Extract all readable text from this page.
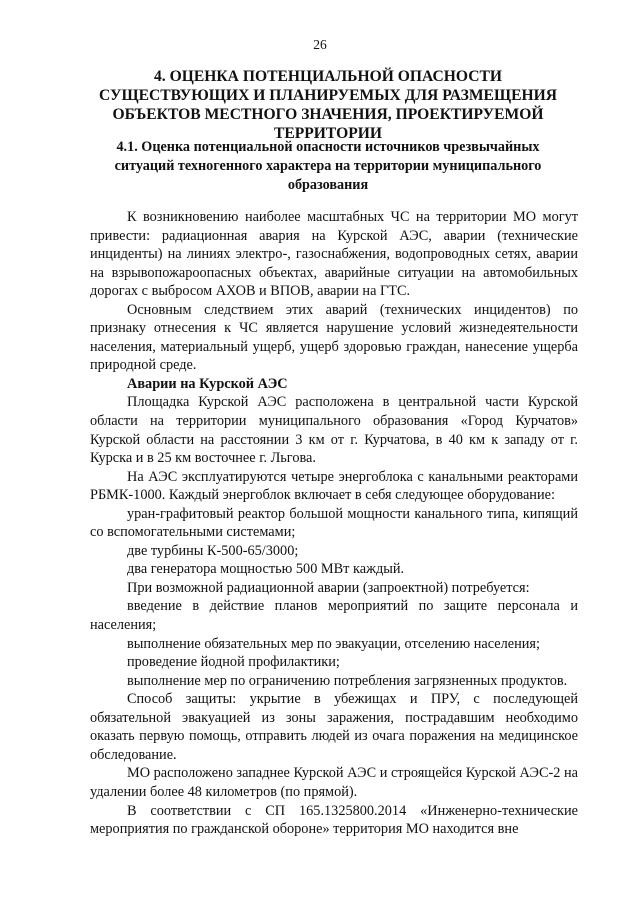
26
4. ОЦЕНКА ПОТЕНЦИАЛЬНОЙ ОПАСНОСТИ СУЩЕСТВУЮЩИХ И ПЛАНИРУЕМЫХ ДЛЯ РАЗМЕЩЕНИЯ ОБЪЕКТОВ МЕСТНОГО ЗНАЧЕНИЯ, ПРОЕКТИРУЕМОЙ ТЕРРИТОРИИ
4.1. Оценка потенциальной опасности источников чрезвычайных ситуаций техногенного характера на территории муниципального образования

К возникновению наиболее масштабных ЧС на территории МО могут привести: радиационная авария на Курской АЭС, аварии (технические инциденты) на линиях электро-, газоснабжения, водопроводных сетях, аварии на взрывопожароопасных объектах, аварийные ситуации на автомобильных дорогах с выбросом АХОВ и ВПОВ, аварии на ГТС.

Основным следствием этих аварий (технических инцидентов) по признаку отнесения к ЧС является нарушение условий жизнедеятельности населения, материальный ущерб, ущерб здоровью граждан, нанесение ущерба природной среде.

Аварии на Курской АЭС

Площадка Курской АЭС расположена в центральной части Курской области на территории муниципального образования «Город Курчатов» Курской области на расстоянии 3 км от г. Курчатова, в 40 км к западу от г. Курска и в 25 км восточнее г. Льгова.

На АЭС эксплуатируются четыре энергоблока с канальными реакторами РБМК-1000. Каждый энергоблок включает в себя следующее оборудование:

уран-графитовый реактор большой мощности канального типа, кипящий со вспомогательными системами;

две турбины К-500-65/3000;

два генератора мощностью 500 МВт каждый.

При возможной радиационной аварии (запроектной) потребуется:

введение в действие планов мероприятий по защите персонала и населения;

выполнение обязательных мер по эвакуации, отселению населения;

проведение йодной профилактики;

выполнение мер по ограничению потребления загрязненных продуктов.

Способ защиты: укрытие в убежищах и ПРУ, с последующей обязательной эвакуацией из зоны заражения, пострадавшим необходимо оказать первую помощь, отправить людей из очага поражения на медицинское обследование.

МО расположено западнее Курской АЭС и строящейся Курской АЭС-2 на удалении более 48 километров (по прямой).

В соответствии с СП 165.1325800.2014 «Инженерно-технические мероприятия по гражданской обороне» территория МО находится вне
